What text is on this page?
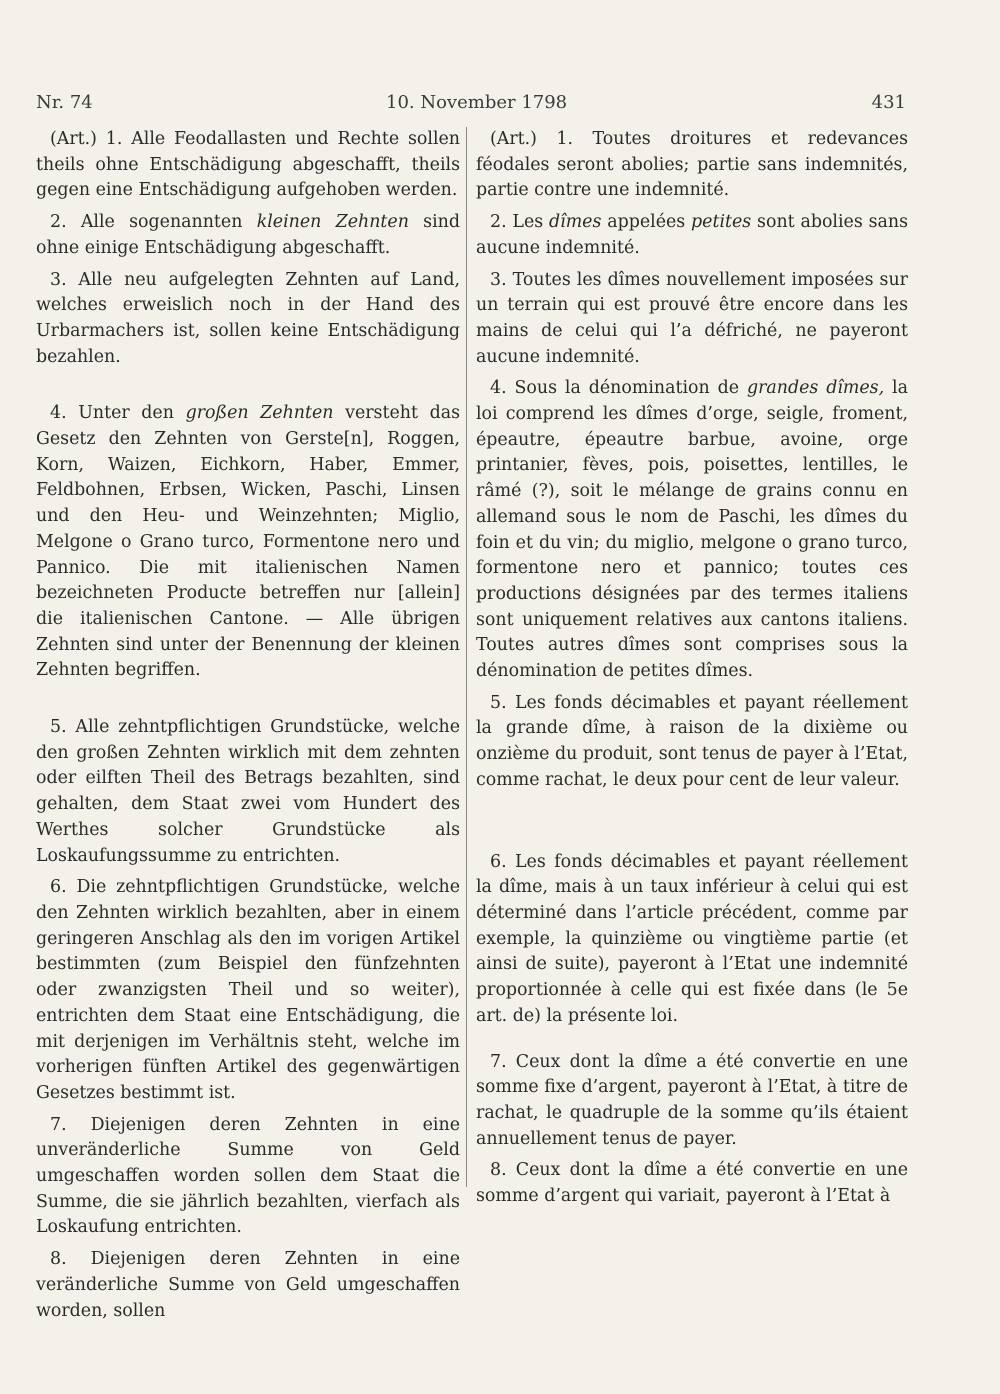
Nr. 74	10. November 1798	431

(Art.) 1. Alle Feodallasten und Rechte sollen theils ohne Entschädigung abgeschafft, theils gegen eine Entschädigung aufgehoben werden.

2. Alle sogenannten kleinen Zehnten sind ohne einige Entschädigung abgeschafft.

3. Alle neu aufgelegten Zehnten auf Land, welches erweislich noch in der Hand des Urbarmachers ist, sollen keine Entschädigung bezahlen.

4. Unter den großen Zehnten versteht das Gesetz den Zehnten von Gerste[n], Roggen, Korn, Waizen, Eichkorn, Haber, Emmer, Feldbohnen, Erbsen, Wicken, Paschi, Linsen und den Heu- und Weinzehnten; Miglio, Melgone o Grano turco, Formentone nero und Pannico. Die mit italienischen Namen bezeichneten Producte betreffen nur [allein] die italienischen Cantone. — Alle übrigen Zehnten sind unter der Benennung der kleinen Zehnten begriffen.

5. Alle zehntpflichtigen Grundstücke, welche den großen Zehnten wirklich mit dem zehnten oder eilften Theil des Betrags bezahlten, sind gehalten, dem Staat zwei vom Hundert des Werthes solcher Grundstücke als Loskaufungssumme zu entrichten.

6. Die zehntpflichtigen Grundstücke, welche den Zehnten wirklich bezahlten, aber in einem geringeren Anschlag als den im vorigen Artikel bestimmten (zum Beispiel den fünfzehnten oder zwanzigsten Theil und so weiter), entrichten dem Staat eine Entschädigung, die mit derjenigen im Verhältnis steht, welche im vorherigen fünften Artikel des gegenwärtigen Gesetzes bestimmt ist.

7. Diejenigen deren Zehnten in eine unveränderliche Summe von Geld umgeschaffen worden sollen dem Staat die Summe, die sie jährlich bezahlten, vierfach als Loskaufung entrichten.

8. Diejenigen deren Zehnten in eine veränderliche Summe von Geld umgeschaffen worden, sollen

(Art.) 1. Toutes droitures et redevances féodales seront abolies; partie sans indemnités, partie contre une indemnité.

2. Les dîmes appelées petites sont abolies sans aucune indemnité.

3. Toutes les dîmes nouvellement imposées sur un terrain qui est prouvé être encore dans les mains de celui qui l’a défriché, ne payeront aucune indemnité.

4. Sous la dénomination de grandes dîmes, la loi comprend les dîmes d’orge, seigle, froment, épeautre, épeautre barbue, avoine, orge printanier, fèves, pois, poisettes, lentilles, le râmé (?), soit le mélange de grains connu en allemand sous le nom de Paschi, les dîmes du foin et du vin; du miglio, melgone o grano turco, formentone nero et pannico; toutes ces productions désignées par des termes italiens sont uniquement relatives aux cantons italiens. Toutes autres dîmes sont comprises sous la dénomination de petites dîmes.

5. Les fonds décimables et payant réellement la grande dîme, à raison de la dixième ou onzième du produit, sont tenus de payer à l’Etat, comme rachat, le deux pour cent de leur valeur.

6. Les fonds décimables et payant réellement la dîme, mais à un taux inférieur à celui qui est déterminé dans l’article précédent, comme par exemple, la quinzième ou vingtième partie (et ainsi de suite), payeront à l’Etat une indemnité proportionnée à celle qui est fixée dans (le 5e art. de) la présente loi.

7. Ceux dont la dîme a été convertie en une somme fixe d’argent, payeront à l’Etat, à titre de rachat, le quadruple de la somme qu’ils étaient annuellement tenus de payer.

8. Ceux dont la dîme a été convertie en une somme d’argent qui variait, payeront à l’Etat à
